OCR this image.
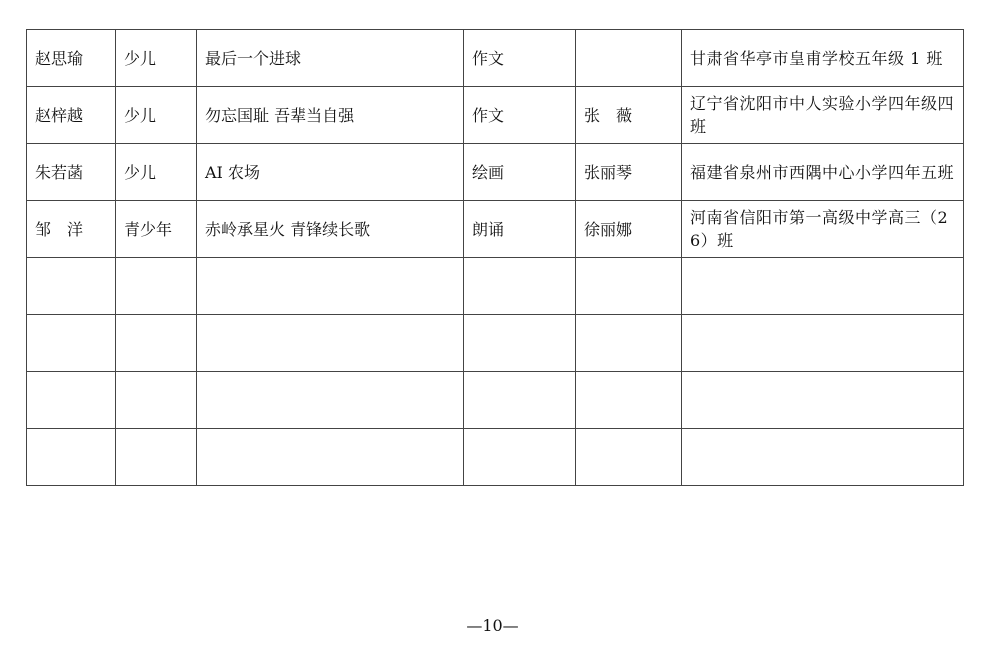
赵思瑜	少儿	最后一个进球	作文		甘肃省华亭市皇甫学校五年级 1 班
赵梓越	少儿	勿忘国耻 吾辈当自强	作文	张　薇	辽宁省沈阳市中人实验小学四年级四班
朱若菡	少儿	AI 农场	绘画	张丽琴	福建省泉州市西隅中心小学四年五班
邹　洋	青少年	赤岭承星火 青锋续长歌	朗诵	徐丽娜	河南省信阳市第一高级中学高三（26）班

—10—
